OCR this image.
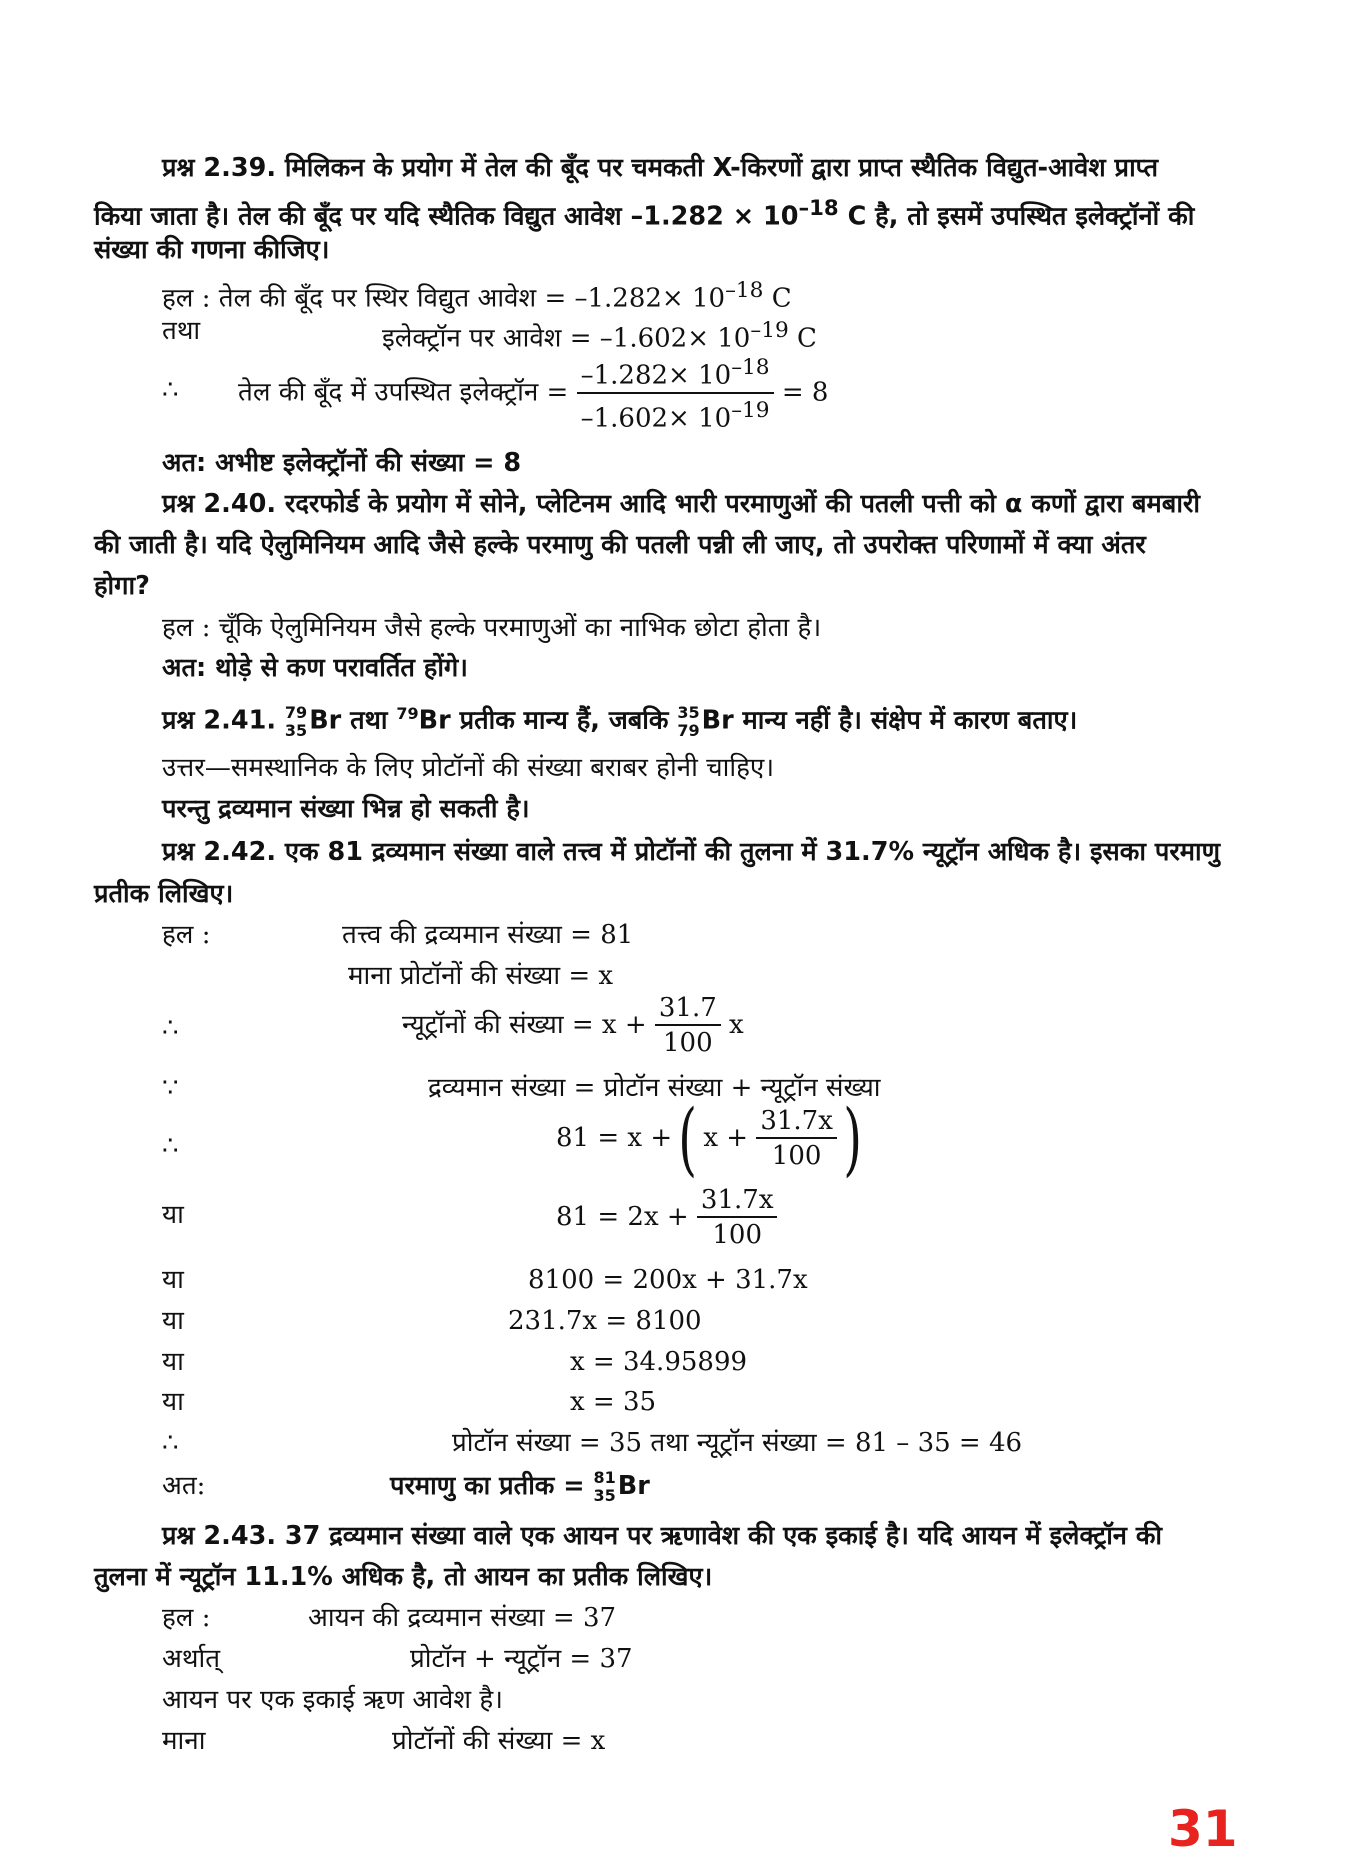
प्रश्न 2.39. मिलिकन के प्रयोग में तेल की बूँद पर चमकती X-किरणों द्वारा प्राप्त स्थैतिक विद्युत-आवेश प्राप्त
किया जाता है। तेल की बूँद पर यदि स्थैतिक विद्युत आवेश $-1.282 \times 10^{-18}$ C है, तो इसमें उपस्थित इलेक्ट्रॉनों की
संख्या की गणना कीजिए।
हल : तेल की बूँद पर स्थिर विद्युत आवेश = $-1.282\times 10^{-18}$ C
तथा	इलेक्ट्रॉन पर आवेश = $-1.602\times 10^{-19}$ C
∴ तेल की बूँद में उपस्थित इलेक्ट्रॉन = $\frac{-1.282\times 10^{-18}}{-1.602\times 10^{-19}} = 8$
अत: अभीष्ट इलेक्ट्रॉनों की संख्या = 8
प्रश्न 2.40. रदरफोर्ड के प्रयोग में सोने, प्लेटिनम आदि भारी परमाणुओं की पतली पत्ती को α कणों द्वारा बमबारी
की जाती है। यदि ऐलुमिनियम आदि जैसे हल्के परमाणु की पतली पन्नी ली जाए, तो उपरोक्त परिणामों में क्या अंतर
होगा?
हल : चूँकि ऐलुमिनियम जैसे हल्के परमाणुओं का नाभिक छोटा होता है।
अत: थोड़े से कण परावर्तित होंगे।
प्रश्न 2.41. 79
35 Br तथा $^{79}$Br प्रतीक मान्य हैं, जबकि 35
79 Br मान्य नहीं है। संक्षेप में कारण बताए।
उत्तर—समस्थानिक के लिए प्रोटॉनों की संख्या बराबर होनी चाहिए।
परन्तु द्रव्यमान संख्या भिन्न हो सकती है।
प्रश्न 2.42. एक 81 द्रव्यमान संख्या वाले तत्त्व में प्रोटॉनों की तुलना में 31.7% न्यूट्रॉन अधिक है। इसका परमाणु
प्रतीक लिखिए।
हल :	तत्त्व की द्रव्यमान संख्या = 81
माना प्रोटॉनों की संख्या = x
∴	न्यूट्रॉनों की संख्या = $x + \frac{31.7}{100}$ x
∵	द्रव्यमान संख्या = प्रोटॉन संख्या + न्यूट्रॉन संख्या
∴	81 = x +( $x + \frac{31.7x}{100}$ )
या	$81 = 2x + \frac{31.7x}{100}$
या	8100 = 200x + 31.7x
या	231.7x = 8100
या	x = 34.95899
या	x = 35
∴	प्रोटॉन संख्या = 35 तथा न्यूट्रॉन संख्या = 81 – 35 = 46
अत:	परमाणु का प्रतीक = 81
35 Br
प्रश्न 2.43. 37 द्रव्यमान संख्या वाले एक आयन पर ऋणावेश की एक इकाई है। यदि आयन में इलेक्ट्रॉन की
तुलना में न्यूट्रॉन 11.1% अधिक है, तो आयन का प्रतीक लिखिए।
हल :	आयन की द्रव्यमान संख्या = 37
अर्थात्	प्रोटॉन + न्यूट्रॉन = 37
आयन पर एक इकाई ऋण आवेश है।
माना	प्रोटॉनों की संख्या = x
31
